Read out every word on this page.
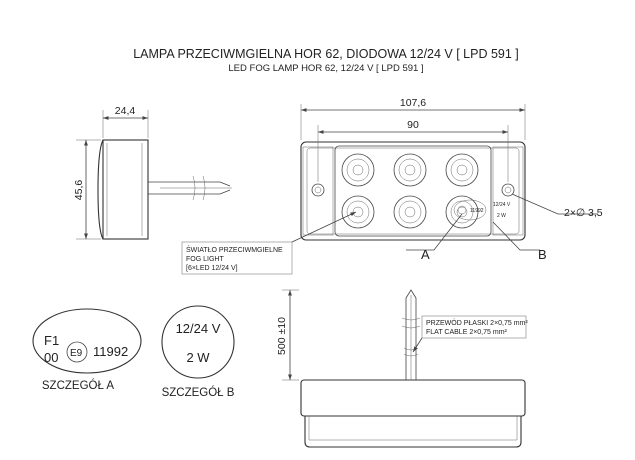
LAMPA PRZECIWMGIELNA HOR 62, DIODOWA 12/24 V [ LPD 591 ]
LED FOG LAMP HOR 62, 12/24 V [ LPD 591 ]
24,4
45,6
11992
12/24 V
2 W
107,6
90
2×∅ 3,5
A	B
ŚWIATŁO PRZECIWMGIELNE
FOG LIGHT
[6×LED 12/24 V]
500 ±10	PRZEWÓD PŁASKI 2×0,75 mm²
FLAT CABLE 2×0,75 mm²
F1
00 E9 11992
SZCZEGÓŁ A
12/24 V
2 W
SZCZEGÓŁ B
